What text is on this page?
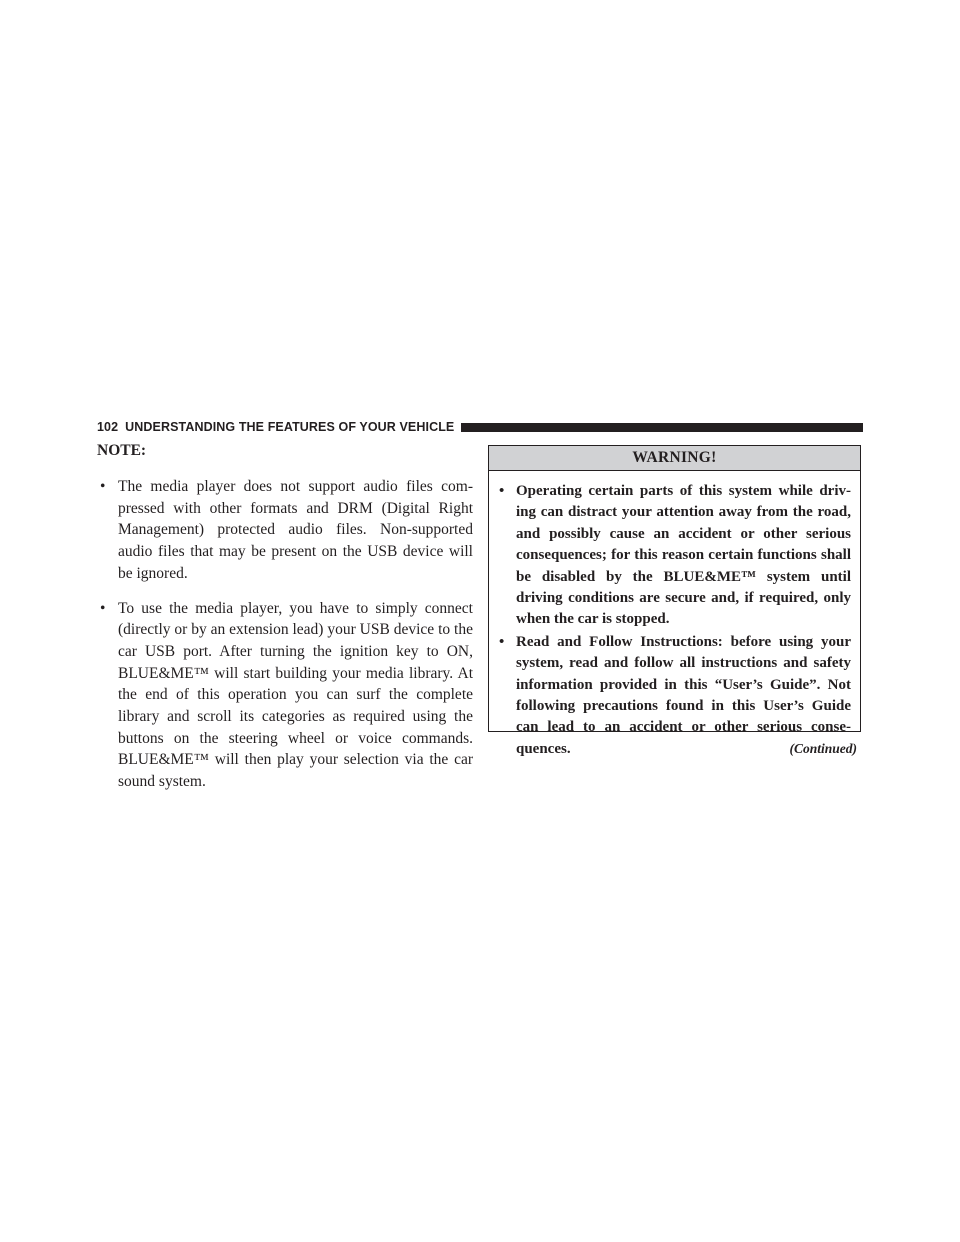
102 UNDERSTANDING THE FEATURES OF YOUR VEHICLE
NOTE:
• The media player does not support audio files com-pressed with other formats and DRM (Digital Right Management) protected audio files. Non-supported audio files that may be present on the USB device will be ignored.
• To use the media player, you have to simply connect (directly or by an extension lead) your USB device to the car USB port. After turning the ignition key to ON, BLUE&ME™ will start building your media library. At the end of this operation you can surf the complete library and scroll its categories as required using the buttons on the steering wheel or voice commands. BLUE&ME™ will then play your selection via the car sound system.
WARNING!
• Operating certain parts of this system while driv-ing can distract your attention away from the road, and possibly cause an accident or other serious consequences; for this reason certain functions shall be disabled by the BLUE&ME™ system until driving conditions are secure and, if required, only when the car is stopped.
• Read and Follow Instructions: before using your system, read and follow all instructions and safety information provided in this “User’s Guide”. Not following precautions found in this User’s Guide can lead to an accident or other serious conse-quences.	(Continued)
